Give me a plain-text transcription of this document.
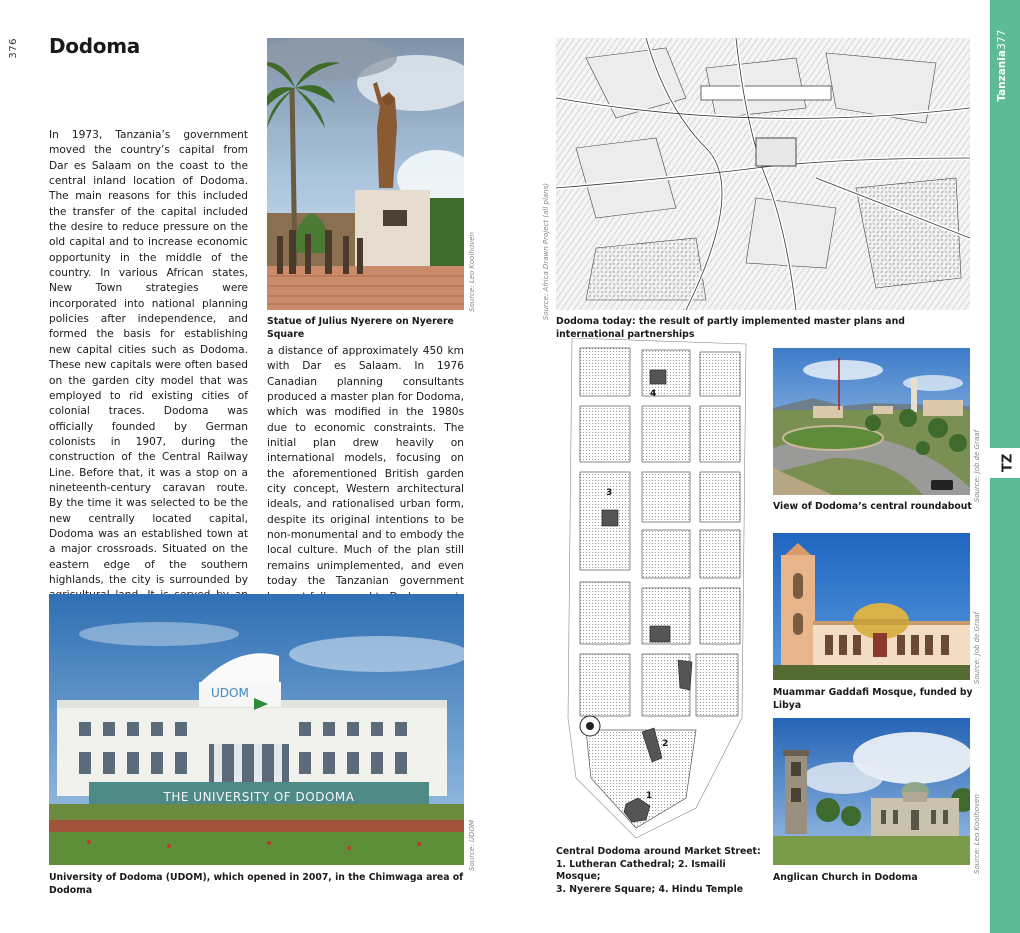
376 Dodoma

In 1973, Tanzania’s government moved the country’s capital from Dar es Salaam on the coast to the central inland location of Dodoma. The main reasons for this included the transfer of the capital included the desire to reduce pressure on the old capital and to increase economic opportunity in the middle of the country. In various African states, New Town strategies were incorporated into national planning policies after independence, and formed the basis for establishing new capital cities such as Dodoma. These new capitals were often based on the garden city model that was employed to rid existing cities of colonial traces. Dodoma was officially founded by German colonists in 1907, during the construction of the Central Railway Line. Before that, it was a stop on a nineteenth-century caravan route. By the time it was selected to be the new centrally located capital, Dodoma was an established town at a major crossroads. Situated on the eastern edge of the southern highlands, the city is surrounded by

a distance of approximately 450 km with Dar es Salaam. In 1976 Canadian planning consultants produced a master plan for Dodoma, which was modified in the 1980s due to economic constraints. The initial plan drew heavily on international models, focusing on the aforementioned British garden city concept, Western architectural ideals, and rationalised urban form, despite its original intentions to be non-monumental and to embody the local culture. Much of the plan still remains unimplemented, and even today the Tanzanian government

Source: Leo Koolhoven
Statue of Julius Nyerere on Nyerere Square
UDOM
THE UNIVERSITY OF DODOMA
Source: UDOM
University of Dodoma (UDOM), which opened in 2007, in the Chimwaga area of Dodoma
Source: Africa Drawn Project (all plans)
Dodoma today: the result of partly implemented master plans and international partnerships
1
2
3
4
Central Dodoma around Market Street:
1. Lutheran Cathedral; 2. Ismaili Mosque;
3. Nyerere Square; 4. Hindu Temple
Source: Job de Graaf
View of Dodoma’s central roundabout
Source: Job de Graaf
Muammar Gaddafi Mosque, funded by Libya
Source: Leo Koolhoven
Anglican Church in Dodoma
Tanzania377
TZ
